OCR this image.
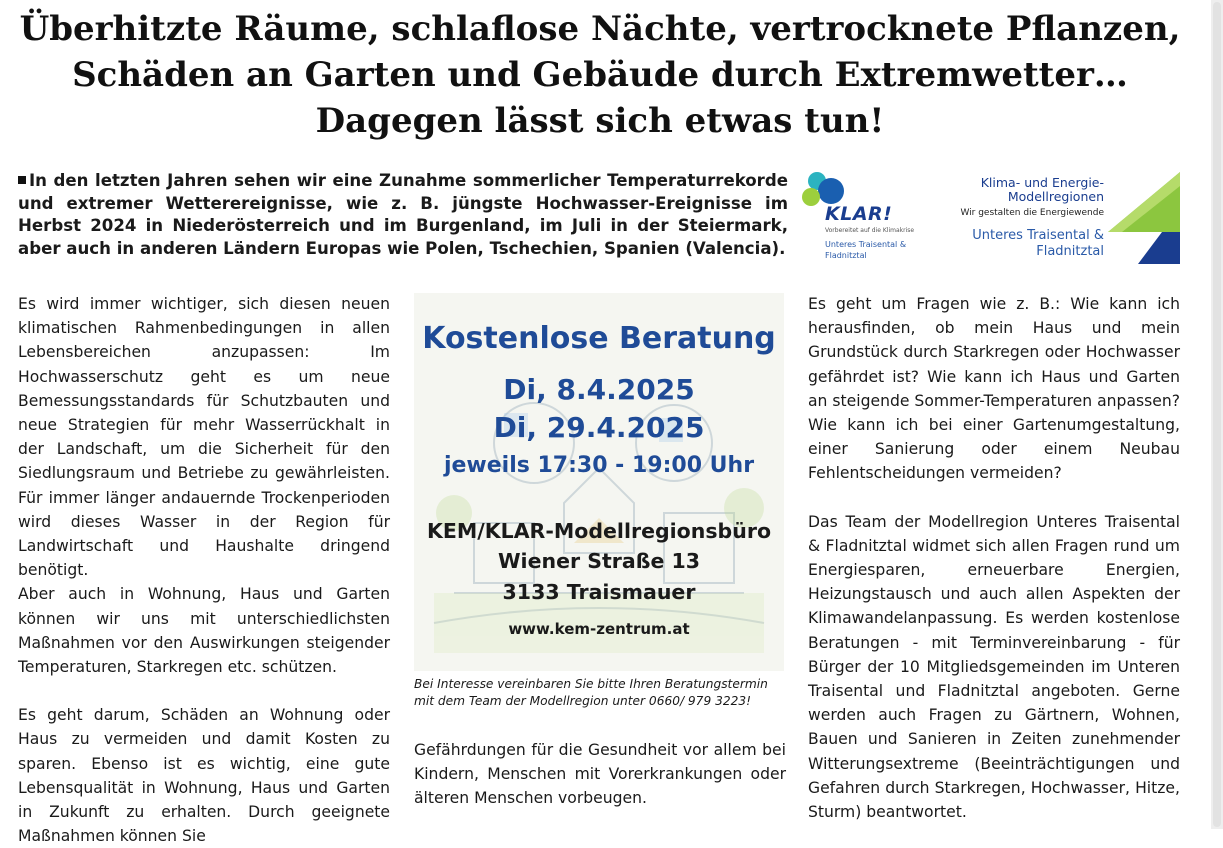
Überhitzte Räume, schlaflose Nächte, vertrocknete Pflanzen,
Schäden an Garten und Gebäude durch Extremwetter…
Dagegen lässt sich etwas tun!

In den letzten Jahren sehen wir eine Zunahme sommerlicher Temperaturrekorde und extremer Wetterereignisse, wie z. B. jüngste Hochwasser-Ereignisse im Herbst 2024 in Niederösterreich und im Burgenland, im Juli in der Steiermark, aber auch in anderen Ländern Europas wie Polen, Tschechien, Spanien (Valencia).

KLAR!
Vorbereitet auf die Klimakrise
Unteres Traisental & Fladnitztal
Klima- und Energie-Modellregionen
Wir gestalten die Energiewende
Unteres Traisental & Fladnitztal

Es wird immer wichtiger, sich diesen neuen klimatischen Rahmenbedingungen in allen Lebensbereichen anzupassen: Im Hochwasserschutz geht es um neue Bemessungsstandards für Schutzbauten und neue Strategien für mehr Wasserrückhalt in der Landschaft, um die Sicherheit für den Siedlungsraum und Betriebe zu gewährleisten. Für immer länger andauernde Trockenperioden wird dieses Wasser in der Region für Landwirtschaft und Haushalte dringend benötigt.

Aber auch in Wohnung, Haus und Garten können wir uns mit unterschiedlichsten Maßnahmen vor den Auswirkungen steigender Temperaturen, Starkregen etc. schützen.

Es geht darum, Schäden an Wohnung oder Haus zu vermeiden und damit Kosten zu sparen. Ebenso ist es wichtig, eine gute Lebensqualität in Wohnung, Haus und Garten in Zukunft zu erhalten. Durch geeignete Maßnahmen können Sie

Kostenlose Beratung
Di, 8.4.2025
Di, 29.4.2025
jeweils 17:30 - 19:00 Uhr
KEM/KLAR-Modellregionsbüro
Wiener Straße 13
3133 Traismauer
www.kem-zentrum.at

Bei Interesse vereinbaren Sie bitte Ihren Beratungstermin mit dem Team der Modellregion unter 0660/ 979 3223!

Gefährdungen für die Gesundheit vor allem bei Kindern, Menschen mit Vorerkrankungen oder älteren Menschen vorbeugen.

Es geht um Fragen wie z. B.: Wie kann ich herausfinden, ob mein Haus und mein Grundstück durch Starkregen oder Hochwasser gefährdet ist? Wie kann ich Haus und Garten an steigende Sommer-Temperaturen anpassen? Wie kann ich bei einer Gartenumgestaltung, einer Sanierung oder einem Neubau Fehlentscheidungen vermeiden?

Das Team der Modellregion Unteres Traisental & Fladnitztal widmet sich allen Fragen rund um Energiesparen, erneuerbare Energien, Heizungstausch und auch allen Aspekten der Klimawandelanpassung. Es werden kostenlose Beratungen - mit Terminvereinbarung - für Bürger der 10 Mitgliedsgemeinden im Unteren Traisental und Fladnitztal angeboten. Gerne werden auch Fragen zu Gärtnern, Wohnen, Bauen und Sanieren in Zeiten zunehmender Witterungsextreme (Beeinträchtigungen und Gefahren durch Starkregen, Hochwasser, Hitze, Sturm) beantwortet.
